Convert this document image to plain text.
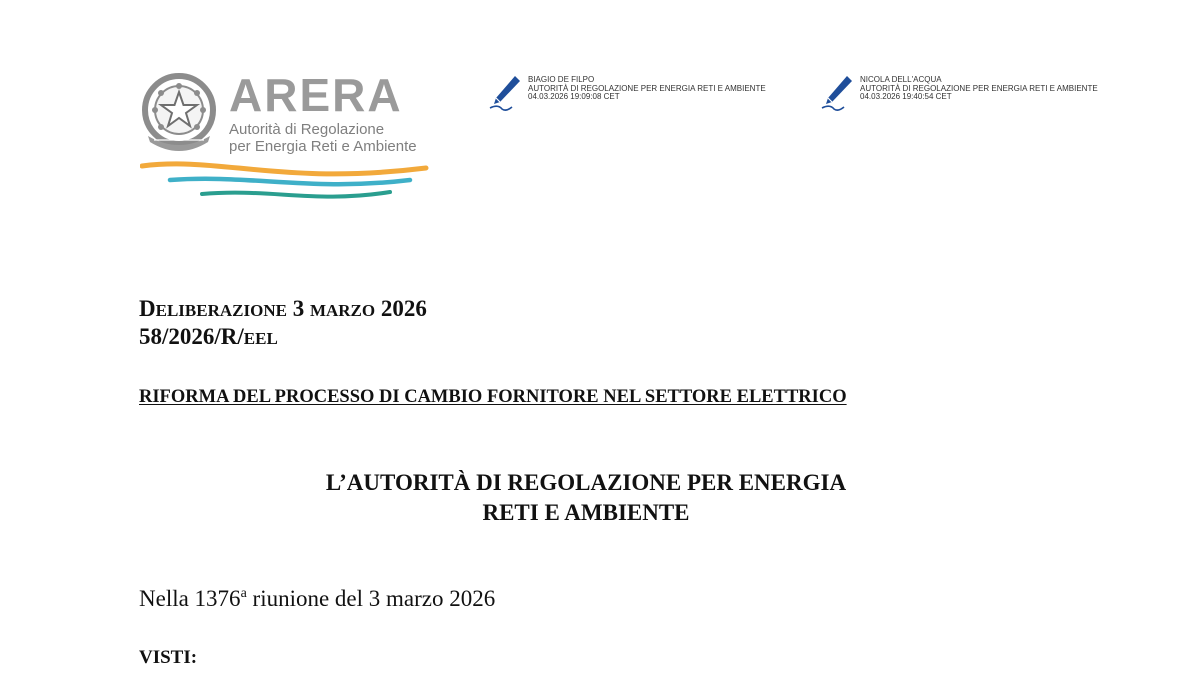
ARERA
Autorità di Regolazione
per Energia Reti e Ambiente
BIAGIO DE FILPO
AUTORITÀ DI REGOLAZIONE PER ENERGIA RETI E AMBIENTE
04.03.2026 19:09:08 CET
NICOLA DELL'ACQUA
AUTORITÀ DI REGOLAZIONE PER ENERGIA RETI E AMBIENTE
04.03.2026 19:40:54 CET
DELIBERAZIONE 3 MARZO 2026
58/2026/R/EEL
RIFORMA DEL PROCESSO DI CAMBIO FORNITORE NEL SETTORE ELETTRICO
L’AUTORITÀ DI REGOLAZIONE PER ENERGIA
RETI E AMBIENTE
Nella 1376$^a$ riunione del 3 marzo 2026
VISTI:
